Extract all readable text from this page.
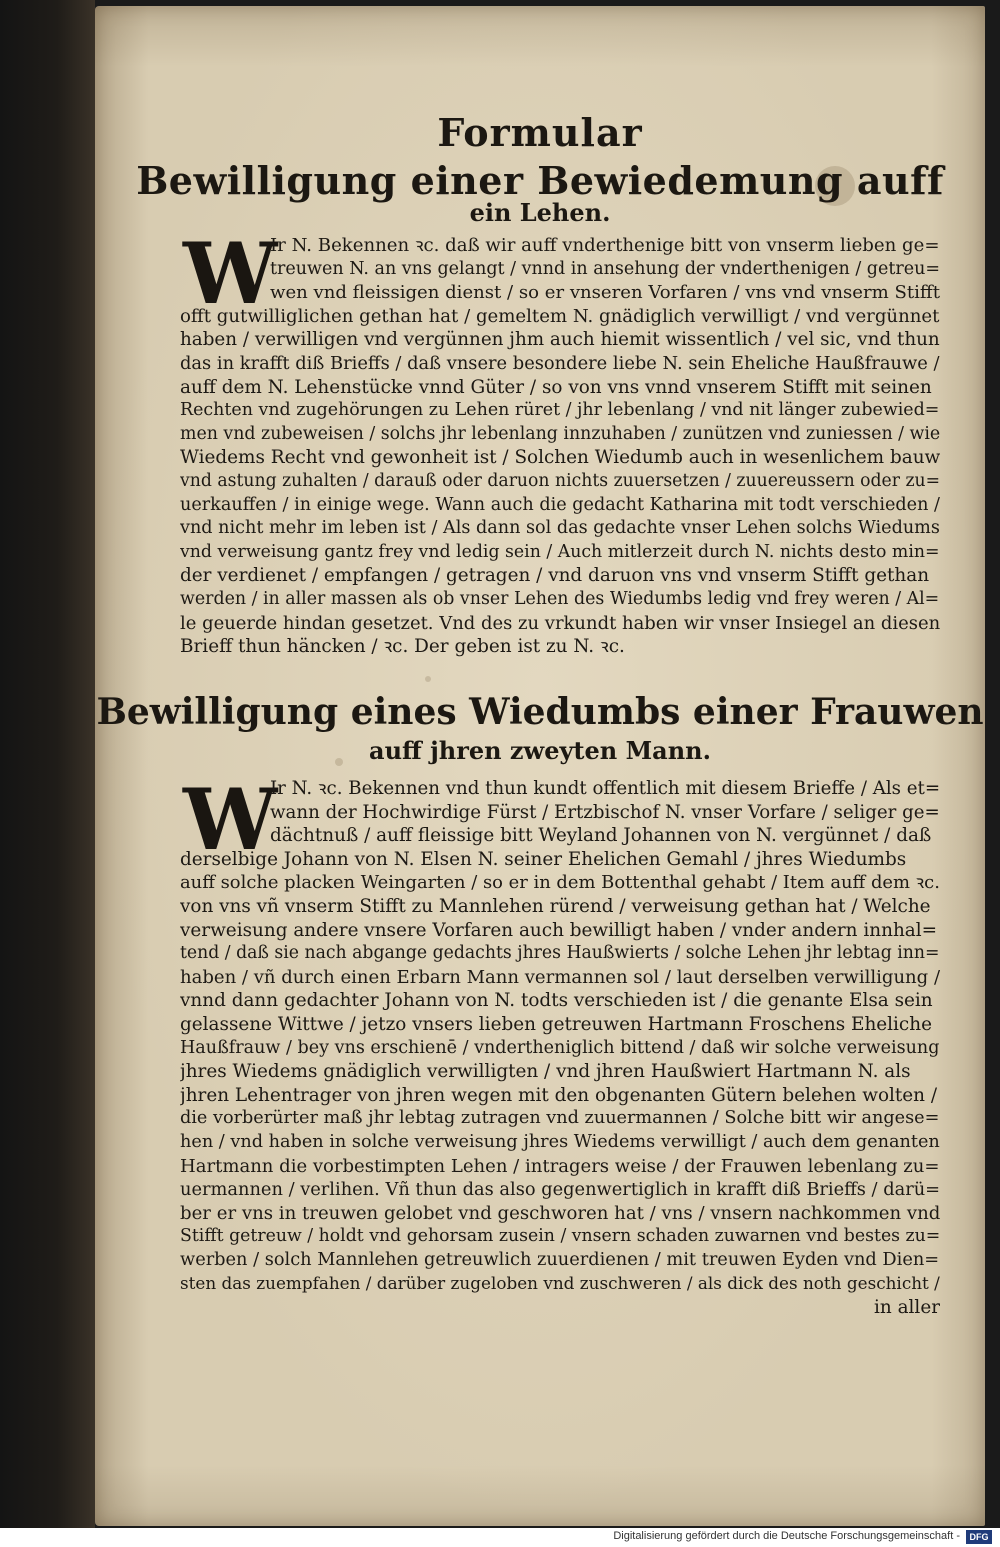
Formular
Bewilligung einer Bewiedemung auff
ein Lehen.
Bewilligung eines Wiedumbs einer Frauwen
auff jhren zweyten Mann.
W
W
Ir N. Bekennen ꝛc. daß wir auff vnderthenige bitt von vnserm lieben ge=
treuwen N. an vns gelangt / vnnd in ansehung der vnderthenigen / getreu=
wen vnd fleissigen dienst / so er vnseren Vorfaren / vns vnd vnserm Stifft
offt gutwilliglichen gethan hat / gemeltem N. gnädiglich verwilligt / vnd vergünnet
haben / verwilligen vnd vergünnen jhm auch hiemit wissentlich / vel sic, vnd thun
das in krafft diß Brieffs / daß vnsere besondere liebe N. sein Eheliche Haußfrauwe /
auff dem N. Lehenstücke vnnd Güter / so von vns vnnd vnserem Stifft mit seinen
Rechten vnd zugehörungen zu Lehen rüret / jhr lebenlang / vnd nit länger zubewied=
men vnd zubeweisen / solchs jhr lebenlang innzuhaben / zunützen vnd zuniessen / wie
Wiedems Recht vnd gewonheit ist / Solchen Wiedumb auch in wesenlichem bauw
vnd astung zuhalten / darauß oder daruon nichts zuuersetzen / zuuereussern oder zu=
uerkauffen / in einige wege. Wann auch die gedacht Katharina mit todt verschieden /
vnd nicht mehr im leben ist / Als dann sol das gedachte vnser Lehen solchs Wiedums
vnd verweisung gantz frey vnd ledig sein / Auch mitlerzeit durch N. nichts desto min=
der verdienet / empfangen / getragen / vnd daruon vns vnd vnserm Stifft gethan
werden / in aller massen als ob vnser Lehen des Wiedumbs ledig vnd frey weren / Al=
le geuerde hindan gesetzet. Vnd des zu vrkundt haben wir vnser Insiegel an diesen
Brieff thun häncken / ꝛc. Der geben ist zu N. ꝛc.
Ir N. ꝛc. Bekennen vnd thun kundt offentlich mit diesem Brieffe / Als et=
wann der Hochwirdige Fürst / Ertzbischof N. vnser Vorfare / seliger ge=
dächtnuß / auff fleissige bitt Weyland Johannen von N. vergünnet / daß
derselbige Johann von N. Elsen N. seiner Ehelichen Gemahl / jhres Wiedumbs
auff solche placken Weingarten / so er in dem Bottenthal gehabt / Item auff dem ꝛc.
von vns vñ vnserm Stifft zu Mannlehen rürend / verweisung gethan hat / Welche
verweisung andere vnsere Vorfaren auch bewilligt haben / vnder andern innhal=
tend / daß sie nach abgange gedachts jhres Haußwierts / solche Lehen jhr lebtag inn=
haben / vñ durch einen Erbarn Mann vermannen sol / laut derselben verwilligung /
vnnd dann gedachter Johann von N. todts verschieden ist / die genante Elsa sein
gelassene Wittwe / jetzo vnsers lieben getreuwen Hartmann Froschens Eheliche
Haußfrauw / bey vns erschienē / vndertheniglich bittend / daß wir solche verweisung
jhres Wiedems gnädiglich verwilligten / vnd jhren Haußwiert Hartmann N. als
jhren Lehentrager von jhren wegen mit den obgenanten Gütern belehen wolten /
die vorberürter maß jhr lebtag zutragen vnd zuuermannen / Solche bitt wir angese=
hen / vnd haben in solche verweisung jhres Wiedems verwilligt / auch dem genanten
Hartmann die vorbestimpten Lehen / intragers weise / der Frauwen lebenlang zu=
uermannen / verlihen. Vñ thun das also gegenwertiglich in krafft diß Brieffs / darü=
ber er vns in treuwen gelobet vnd geschworen hat / vns / vnsern nachkommen vnd
Stifft getreuw / holdt vnd gehorsam zusein / vnsern schaden zuwarnen vnd bestes zu=
werben / solch Mannlehen getreuwlich zuuerdienen / mit treuwen Eyden vnd Dien=
sten das zuempfahen / darüber zugeloben vnd zuschweren / als dick des noth geschicht /
in aller
Digitalisierung gefördert durch die Deutsche Forschungsgemeinschaft -	DFG
